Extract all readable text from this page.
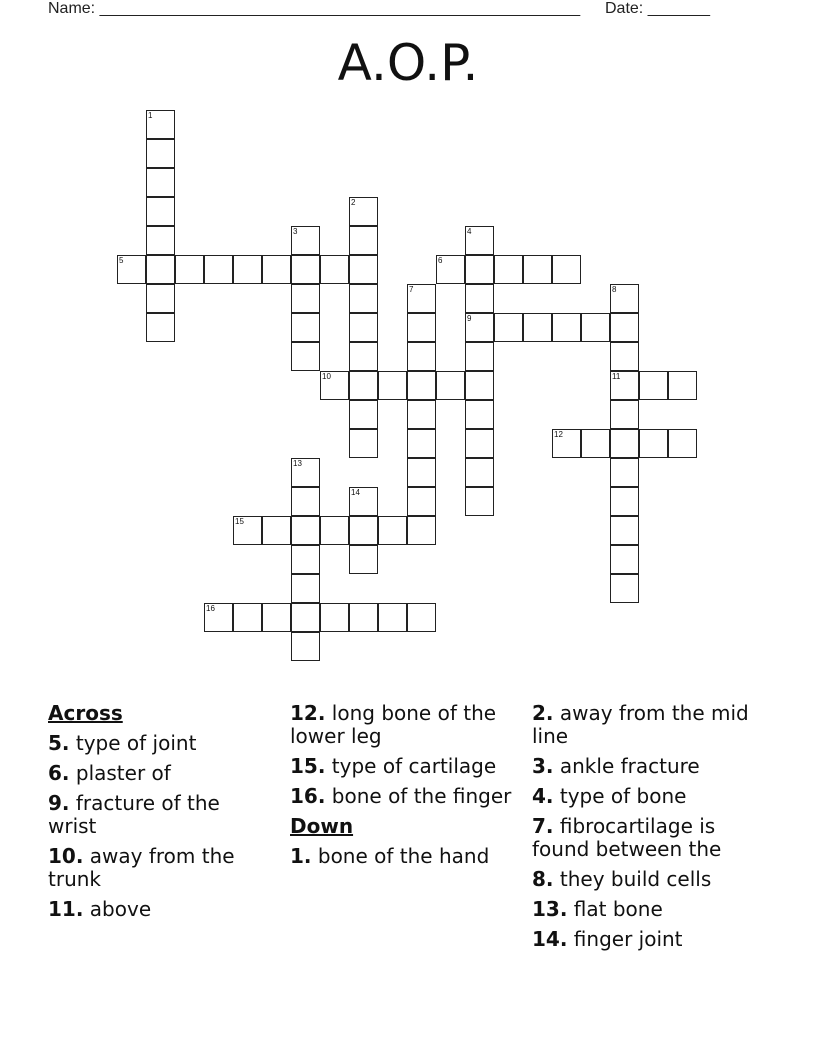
Name: ______________________________________________________ Date: _______
A.O.P.
1
2
3	4
9
5	6
7	8
11
10
12
13
14
15
16
Across
5. type of joint
6. plaster of
9. fracture of the wrist
10. away from the trunk
11. above
12. long bone of the lower leg
15. type of cartilage
16. bone of the finger
Down
1. bone of the hand
2. away from the mid line
3. ankle fracture
4. type of bone
7. fibrocartilage is found between the
8. they build cells
13. flat bone
14. finger joint
